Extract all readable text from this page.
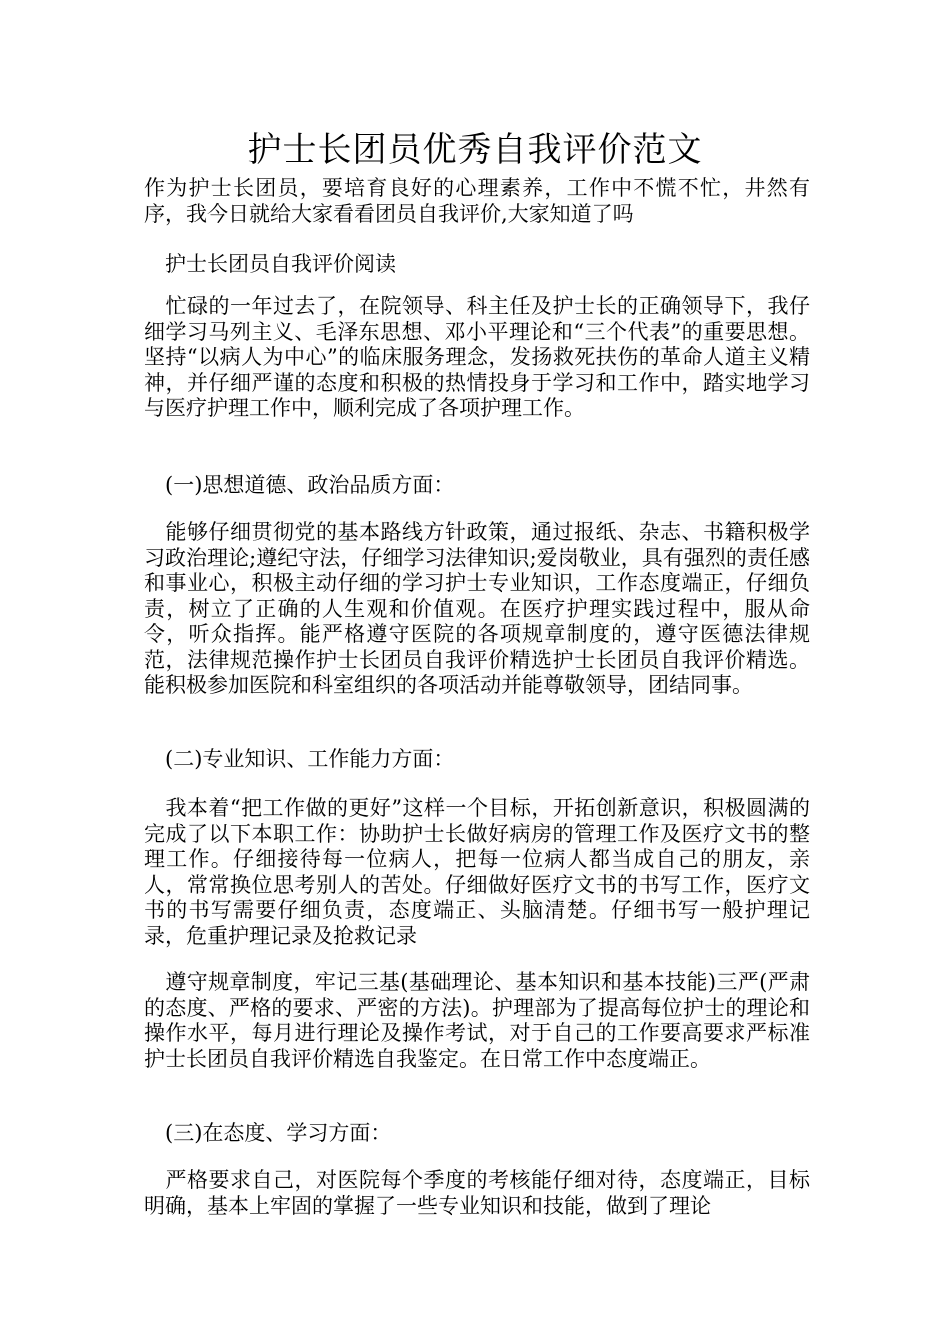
护士长团员优秀自我评价范文

作为护士长团员，要培育良好的心理素养，工作中不慌不忙，井然有序，我今日就给大家看看团员自我评价,大家知道了吗

　护士长团员自我评价阅读

　忙碌的一年过去了，在院领导、科主任及护士长的正确领导下，我仔细学习马列主义、毛泽东思想、邓小平理论和“三个代表”的重要思想。坚持“以病人为中心”的临床服务理念，发扬救死扶伤的革命人道主义精神，并仔细严谨的态度和积极的热情投身于学习和工作中，踏实地学习与医疗护理工作中，顺利完成了各项护理工作。

　(一)思想道德、政治品质方面：

　能够仔细贯彻党的基本路线方针政策，通过报纸、杂志、书籍积极学习政治理论;遵纪守法，仔细学习法律知识;爱岗敬业，具有强烈的责任感和事业心，积极主动仔细的学习护士专业知识，工作态度端正，仔细负责，树立了正确的人生观和价值观。在医疗护理实践过程中，服从命令，听众指挥。能严格遵守医院的各项规章制度的，遵守医德法律规范，法律规范操作护士长团员自我评价精选护士长团员自我评价精选。能积极参加医院和科室组织的各项活动并能尊敬领导，团结同事。

　(二)专业知识、工作能力方面：

　我本着“把工作做的更好”这样一个目标，开拓创新意识，积极圆满的完成了以下本职工作：协助护士长做好病房的管理工作及医疗文书的整理工作。仔细接待每一位病人，把每一位病人都当成自己的朋友，亲人，常常换位思考别人的苦处。仔细做好医疗文书的书写工作，医疗文书的书写需要仔细负责，态度端正、头脑清楚。仔细书写一般护理记录，危重护理记录及抢救记录

　遵守规章制度，牢记三基(基础理论、基本知识和基本技能)三严(严肃的态度、严格的要求、严密的方法)。护理部为了提高每位护士的理论和操作水平，每月进行理论及操作考试，对于自己的工作要高要求严标准护士长团员自我评价精选自我鉴定。在日常工作中态度端正。

　(三)在态度、学习方面：

　严格要求自己，对医院每个季度的考核能仔细对待，态度端正，目标明确，基本上牢固的掌握了一些专业知识和技能，做到了理论
